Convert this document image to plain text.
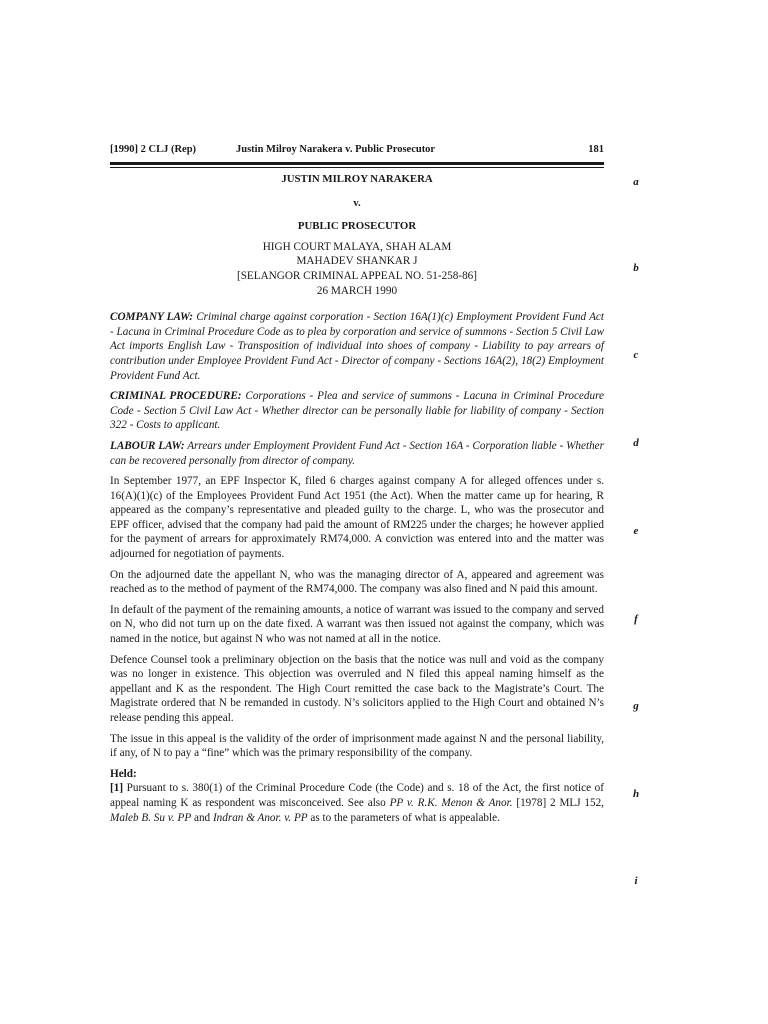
[1990] 2 CLJ (Rep)	Justin Milroy Narakera v. Public Prosecutor	181
a
b
c
d
e
f
g
h
i

JUSTIN MILROY NARAKERA

v.

PUBLIC PROSECUTOR

HIGH COURT MALAYA, SHAH ALAM

MAHADEV SHANKAR J

[SELANGOR CRIMINAL APPEAL NO. 51-258-86]

26 MARCH 1990

COMPANY LAW: Criminal charge against corporation - Section 16A(1)(c) Employment Provident Fund Act - Lacuna in Criminal Procedure Code as to plea by corporation and service of summons - Section 5 Civil Law Act imports English Law - Transposition of individual into shoes of company - Liability to pay arrears of contribution under Employee Provident Fund Act - Director of company - Sections 16A(2), 18(2) Employment Provident Fund Act.

CRIMINAL PROCEDURE: Corporations - Plea and service of summons - Lacuna in Criminal Procedure Code - Section 5 Civil Law Act - Whether director can be personally liable for liability of company - Section 322 - Costs to applicant.

LABOUR LAW: Arrears under Employment Provident Fund Act - Section 16A - Corporation liable - Whether can be recovered personally from director of company.

In September 1977, an EPF Inspector K, filed 6 charges against company A for alleged offences under s. 16(A)(1)(c) of the Employees Provident Fund Act 1951 (the Act). When the matter came up for hearing, R appeared as the company’s representative and pleaded guilty to the charge. L, who was the prosecutor and EPF officer, advised that the company had paid the amount of RM225 under the charges; he however applied for the payment of arrears for approximately RM74,000. A conviction was entered into and the matter was adjourned for negotiation of payments.

On the adjourned date the appellant N, who was the managing director of A, appeared and agreement was reached as to the method of payment of the RM74,000. The company was also fined and N paid this amount.

In default of the payment of the remaining amounts, a notice of warrant was issued to the company and served on N, who did not turn up on the date fixed. A warrant was then issued not against the company, which was named in the notice, but against N who was not named at all in the notice.

Defence Counsel took a preliminary objection on the basis that the notice was null and void as the company was no longer in existence. This objection was overruled and N filed this appeal naming himself as the appellant and K as the respondent. The High Court remitted the case back to the Magistrate’s Court. The Magistrate ordered that N be remanded in custody. N’s solicitors applied to the High Court and obtained N’s release pending this appeal.

The issue in this appeal is the validity of the order of imprisonment made against N and the personal liability, if any, of N to pay a “fine” which was the primary responsibility of the company.

Held:

[1] Pursuant to s. 380(1) of the Criminal Procedure Code (the Code) and s. 18 of the Act, the first notice of appeal naming K as respondent was misconceived. See also PP v. R.K. Menon & Anor. [1978] 2 MLJ 152, Maleb B. Su v. PP and Indran & Anor. v. PP as to the parameters of what is appealable.
